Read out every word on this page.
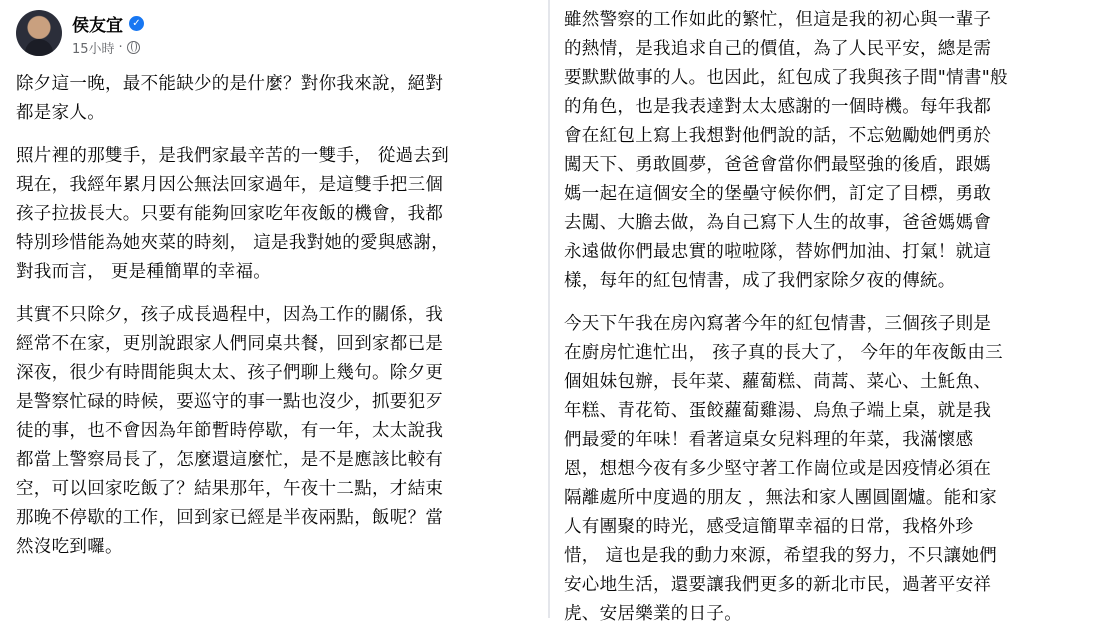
侯友宜 ✓
15小時 ·

除夕這一晚，最不能缺少的是什麼？對你我來說，絕對
都是家人。

照片裡的那雙手，是我們家最辛苦的一雙手， 從過去到
現在，我經年累月因公無法回家過年，是這雙手把三個
孩子拉拔長大。只要有能夠回家吃年夜飯的機會，我都
特別珍惜能為她夾菜的時刻， 這是我對她的愛與感謝，
對我而言， 更是種簡單的幸福。

其實不只除夕，孩子成長過程中，因為工作的關係，我
經常不在家，更別說跟家人們同桌共餐，回到家都已是
深夜，很少有時間能與太太、孩子們聊上幾句。除夕更
是警察忙碌的時候，要巡守的事一點也沒少，抓要犯歹
徒的事，也不會因為年節暫時停歇，有一年，太太說我
都當上警察局長了，怎麼還這麼忙，是不是應該比較有
空，可以回家吃飯了？結果那年，午夜十二點，才結束
那晚不停歇的工作，回到家已經是半夜兩點，飯呢？當
然沒吃到囉。

雖然警察的工作如此的繁忙，但這是我的初心與一輩子
的熱情，是我追求自己的價值，為了人民平安，總是需
要默默做事的人。也因此，紅包成了我與孩子間"情書"般
的角色，也是我表達對太太感謝的一個時機。每年我都
會在紅包上寫上我想對他們說的話，不忘勉勵她們勇於
闖天下、勇敢圓夢，爸爸會當你們最堅強的後盾，跟媽
媽一起在這個安全的堡壘守候你們，訂定了目標，勇敢
去闖、大膽去做，為自己寫下人生的故事，爸爸媽媽會
永遠做你們最忠實的啦啦隊，替妳們加油、打氣！就這
樣，每年的紅包情書，成了我們家除夕夜的傳統。

今天下午我在房內寫著今年的紅包情書，三個孩子則是
在廚房忙進忙出， 孩子真的長大了， 今年的年夜飯由三
個姐妹包辦，長年菜、蘿蔔糕、茼蒿、菜心、土魠魚、
年糕、青花筍、蛋餃蘿蔔雞湯、烏魚子端上桌，就是我
們最愛的年味！看著這桌女兒料理的年菜，我滿懷感
恩，想想今夜有多少堅守著工作崗位或是因疫情必須在
隔離處所中度過的朋友 ，無法和家人團圓圍爐。能和家
人有團聚的時光，感受這簡單幸福的日常，我格外珍
惜， 這也是我的動力來源，希望我的努力，不只讓她們
安心地生活，還要讓我們更多的新北市民，過著平安祥
虎、安居樂業的日子。
